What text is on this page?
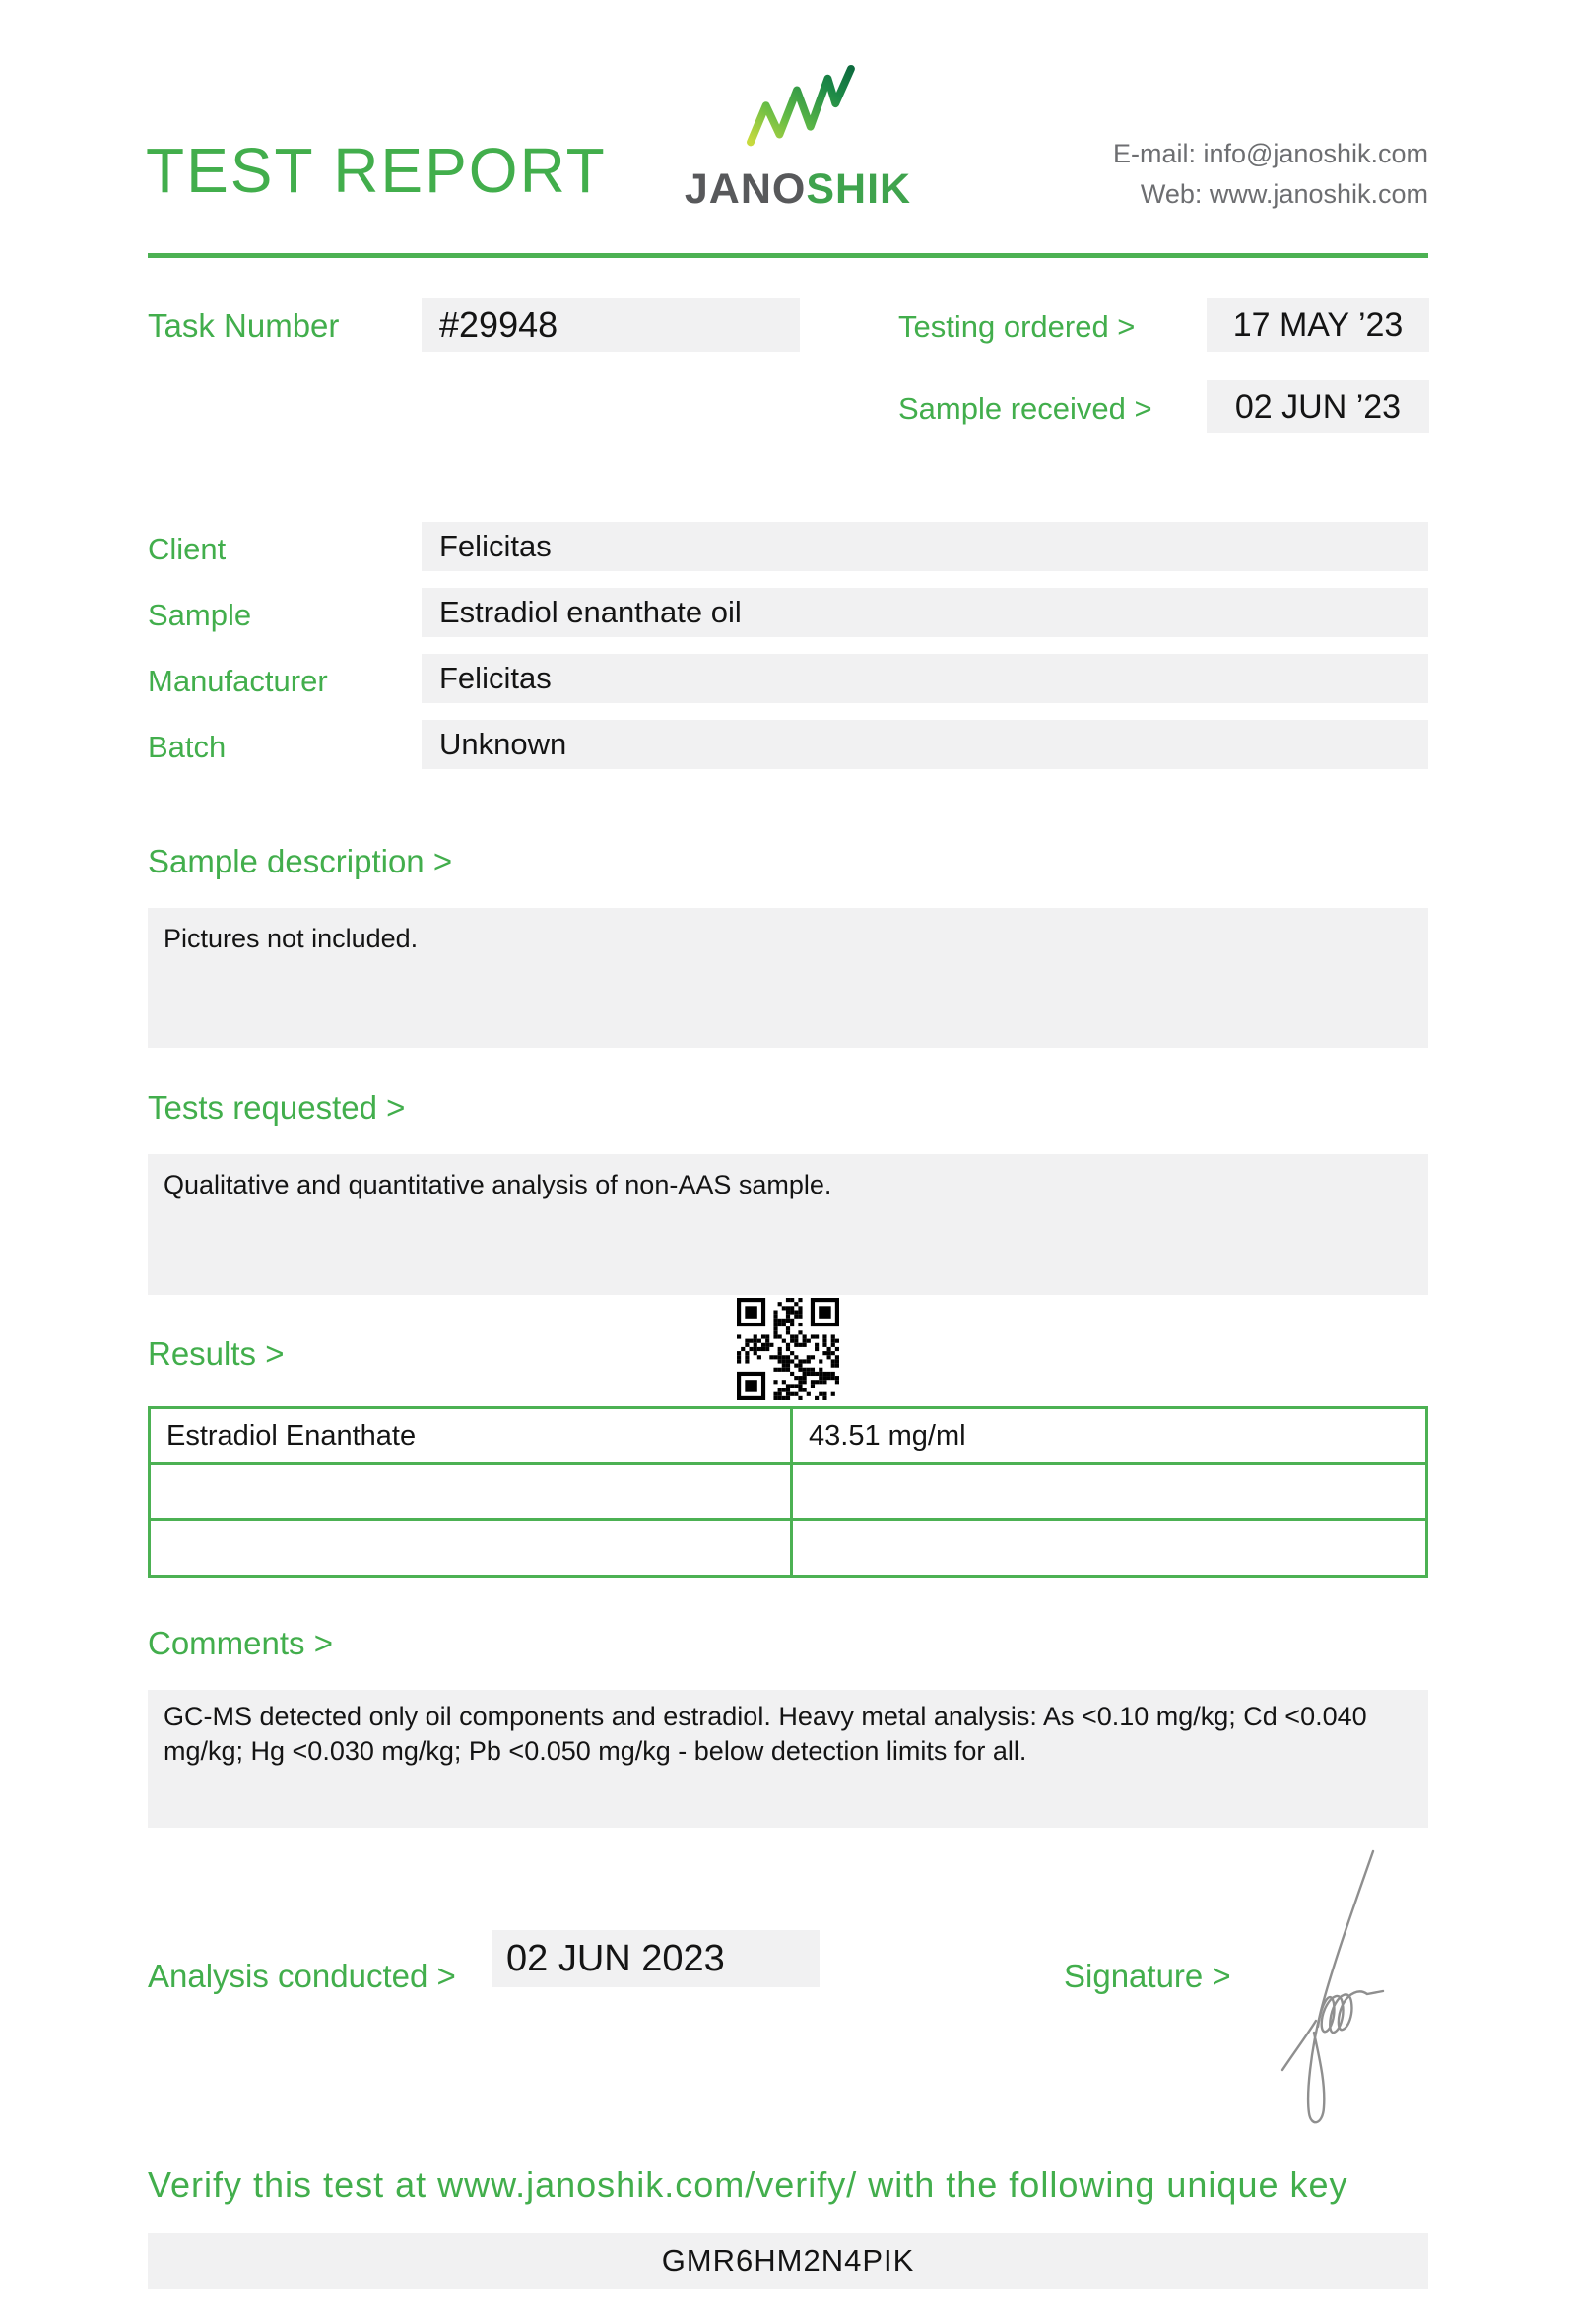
TEST REPORT JANOSHIK
E-mail: info@janoshik.com
Web: www.janoshik.com
Task Number	#29948	Testing ordered >	17 MAY ’23
Sample received >	02 JUN ’23
Client	Felicitas
Sample	Estradiol enanthate oil
Manufacturer	Felicitas
Batch	Unknown
Sample description >
Pictures not included.
Tests requested >
Qualitative and quantitative analysis of non-AAS sample.
Results >
Estradiol Enanthate	43.51 mg/ml

Comments >
GC-MS detected only oil components and estradiol. Heavy metal analysis: As <0.10 mg/kg; Cd <0.040 mg/kg; Hg <0.030 mg/kg; Pb <0.050 mg/kg - below detection limits for all.
Analysis conducted >	02 JUN 2023	Signature >
Verify this test at www.janoshik.com/verify/ with the following unique key
GMR6HM2N4PIK
